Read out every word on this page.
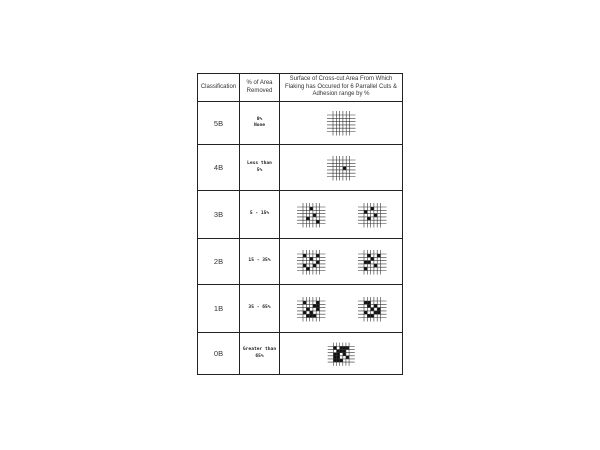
Classification
% of Area Removed
Surface of Cross-cut Area From Which Flaking has Occured for 6 Parrallel Cuts & Adhesion range by %
5B	0%
None
4B	Less than
5%
3B	5 - 15%
2B	15 - 35%
1B	35 - 65%
0B	Greater than
65%
